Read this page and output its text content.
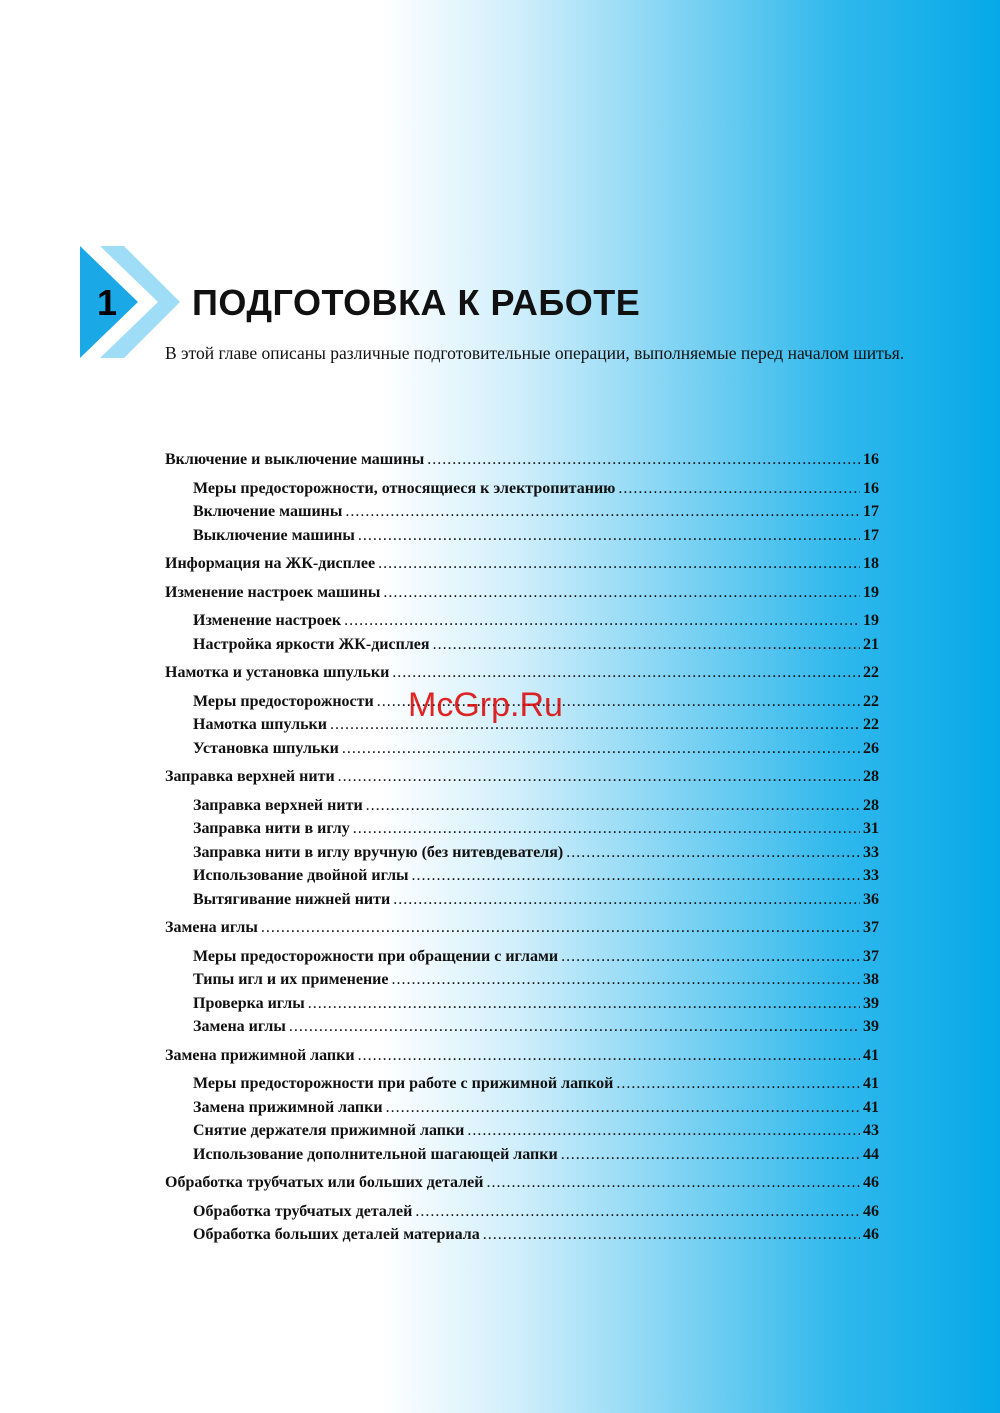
1 ПОДГОТОВКА К РАБОТЕ
В этой главе описаны различные подготовительные операции, выполняемые перед началом шитья.
Включение и выключение машины .....	16
Меры предосторожности, относящиеся к электропитанию .....	16
Включение машины .....	17
Выключение машины .....	17
Информация на ЖК-дисплее .....	18
Изменение настроек машины .....	19
Изменение настроек .....	19
Настройка яркости ЖК-дисплея .....	21
Намотка и установка шпульки .....	22
Меры предосторожности .....	22
Намотка шпульки .....	22
Установка шпульки .....	26
Заправка верхней нити .....	28
Заправка верхней нити .....	28
Заправка нити в иглу .....	31
Заправка нити в иглу вручную (без нитевдевателя) .....	33
Использование двойной иглы .....	33
Вытягивание нижней нити .....	36
Замена иглы .....	37
Меры предосторожности при обращении с иглами .....	37
Типы игл и их применение .....	38
Проверка иглы .....	39
Замена иглы .....	39
Замена прижимной лапки .....	41
Меры предосторожности при работе с прижимной лапкой .....	41
Замена прижимной лапки .....	41
Снятие держателя прижимной лапки .....	43
Использование дополнительной шагающей лапки .....	44
Обработка трубчатых или больших деталей .....	46
Обработка трубчатых деталей .....	46
Обработка больших деталей материала .....	46
McGrp.Ru
